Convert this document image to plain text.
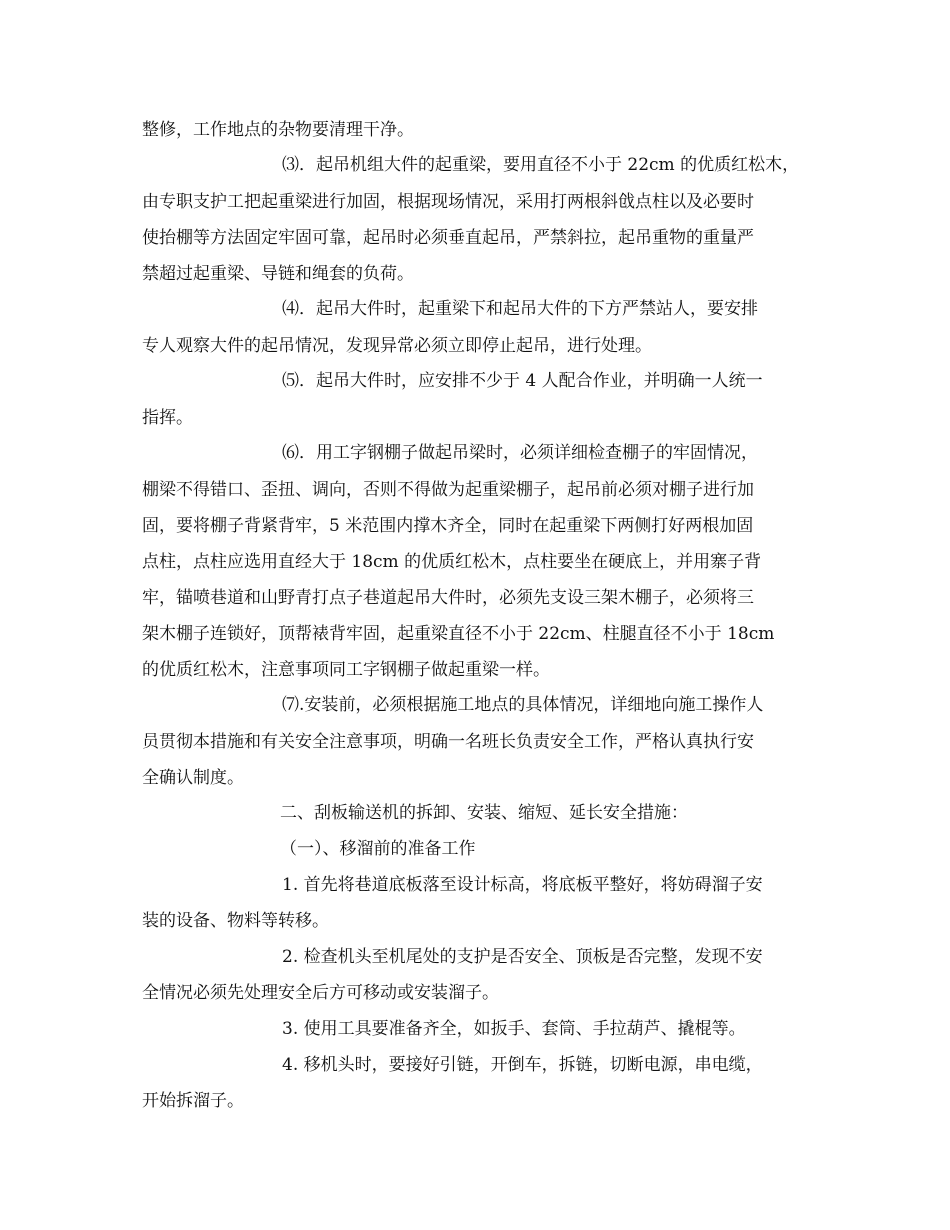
整修，工作地点的杂物要清理干净。
⑶．起吊机组大件的起重梁，要用直径不小于 22cm 的优质红松木，
由专职支护工把起重梁进行加固，根据现场情况，采用打两根斜戗点柱以及必要时
使抬棚等方法固定牢固可靠，起吊时必须垂直起吊，严禁斜拉，起吊重物的重量严
禁超过起重梁、导链和绳套的负荷。
⑷．起吊大件时，起重梁下和起吊大件的下方严禁站人，要安排
专人观察大件的起吊情况，发现异常必须立即停止起吊，进行处理。
⑸．起吊大件时，应安排不少于 4 人配合作业，并明确一人统一
指挥。
⑹．用工字钢棚子做起吊梁时，必须详细检查棚子的牢固情况，
棚梁不得错口、歪扭、调向，否则不得做为起重梁棚子，起吊前必须对棚子进行加
固，要将棚子背紧背牢，5 米范围内撑木齐全，同时在起重梁下两侧打好两根加固
点柱，点柱应选用直经大于 18cm 的优质红松木，点柱要坐在硬底上，并用寨子背
牢，锚喷巷道和山野青打点子巷道起吊大件时，必须先支设三架木棚子，必须将三
架木棚子连锁好，顶帮裱背牢固，起重梁直径不小于 22cm、柱腿直径不小于 18cm
的优质红松木，注意事项同工字钢棚子做起重梁一样。
⑺.安装前，必须根据施工地点的具体情况，详细地向施工操作人
员贯彻本措施和有关安全注意事项，明确一名班长负责安全工作，严格认真执行安
全确认制度。
二、刮板输送机的拆卸、安装、缩短、延长安全措施：
（一）、移溜前的准备工作
1. 首先将巷道底板落至设计标高，将底板平整好，将妨碍溜子安
装的设备、物料等转移。
2. 检查机头至机尾处的支护是否安全、顶板是否完整，发现不安
全情况必须先处理安全后方可移动或安装溜子。
3. 使用工具要准备齐全，如扳手、套筒、手拉葫芦、撬棍等。
4. 移机头时，要接好引链，开倒车，拆链，切断电源，串电缆，
开始拆溜子。
